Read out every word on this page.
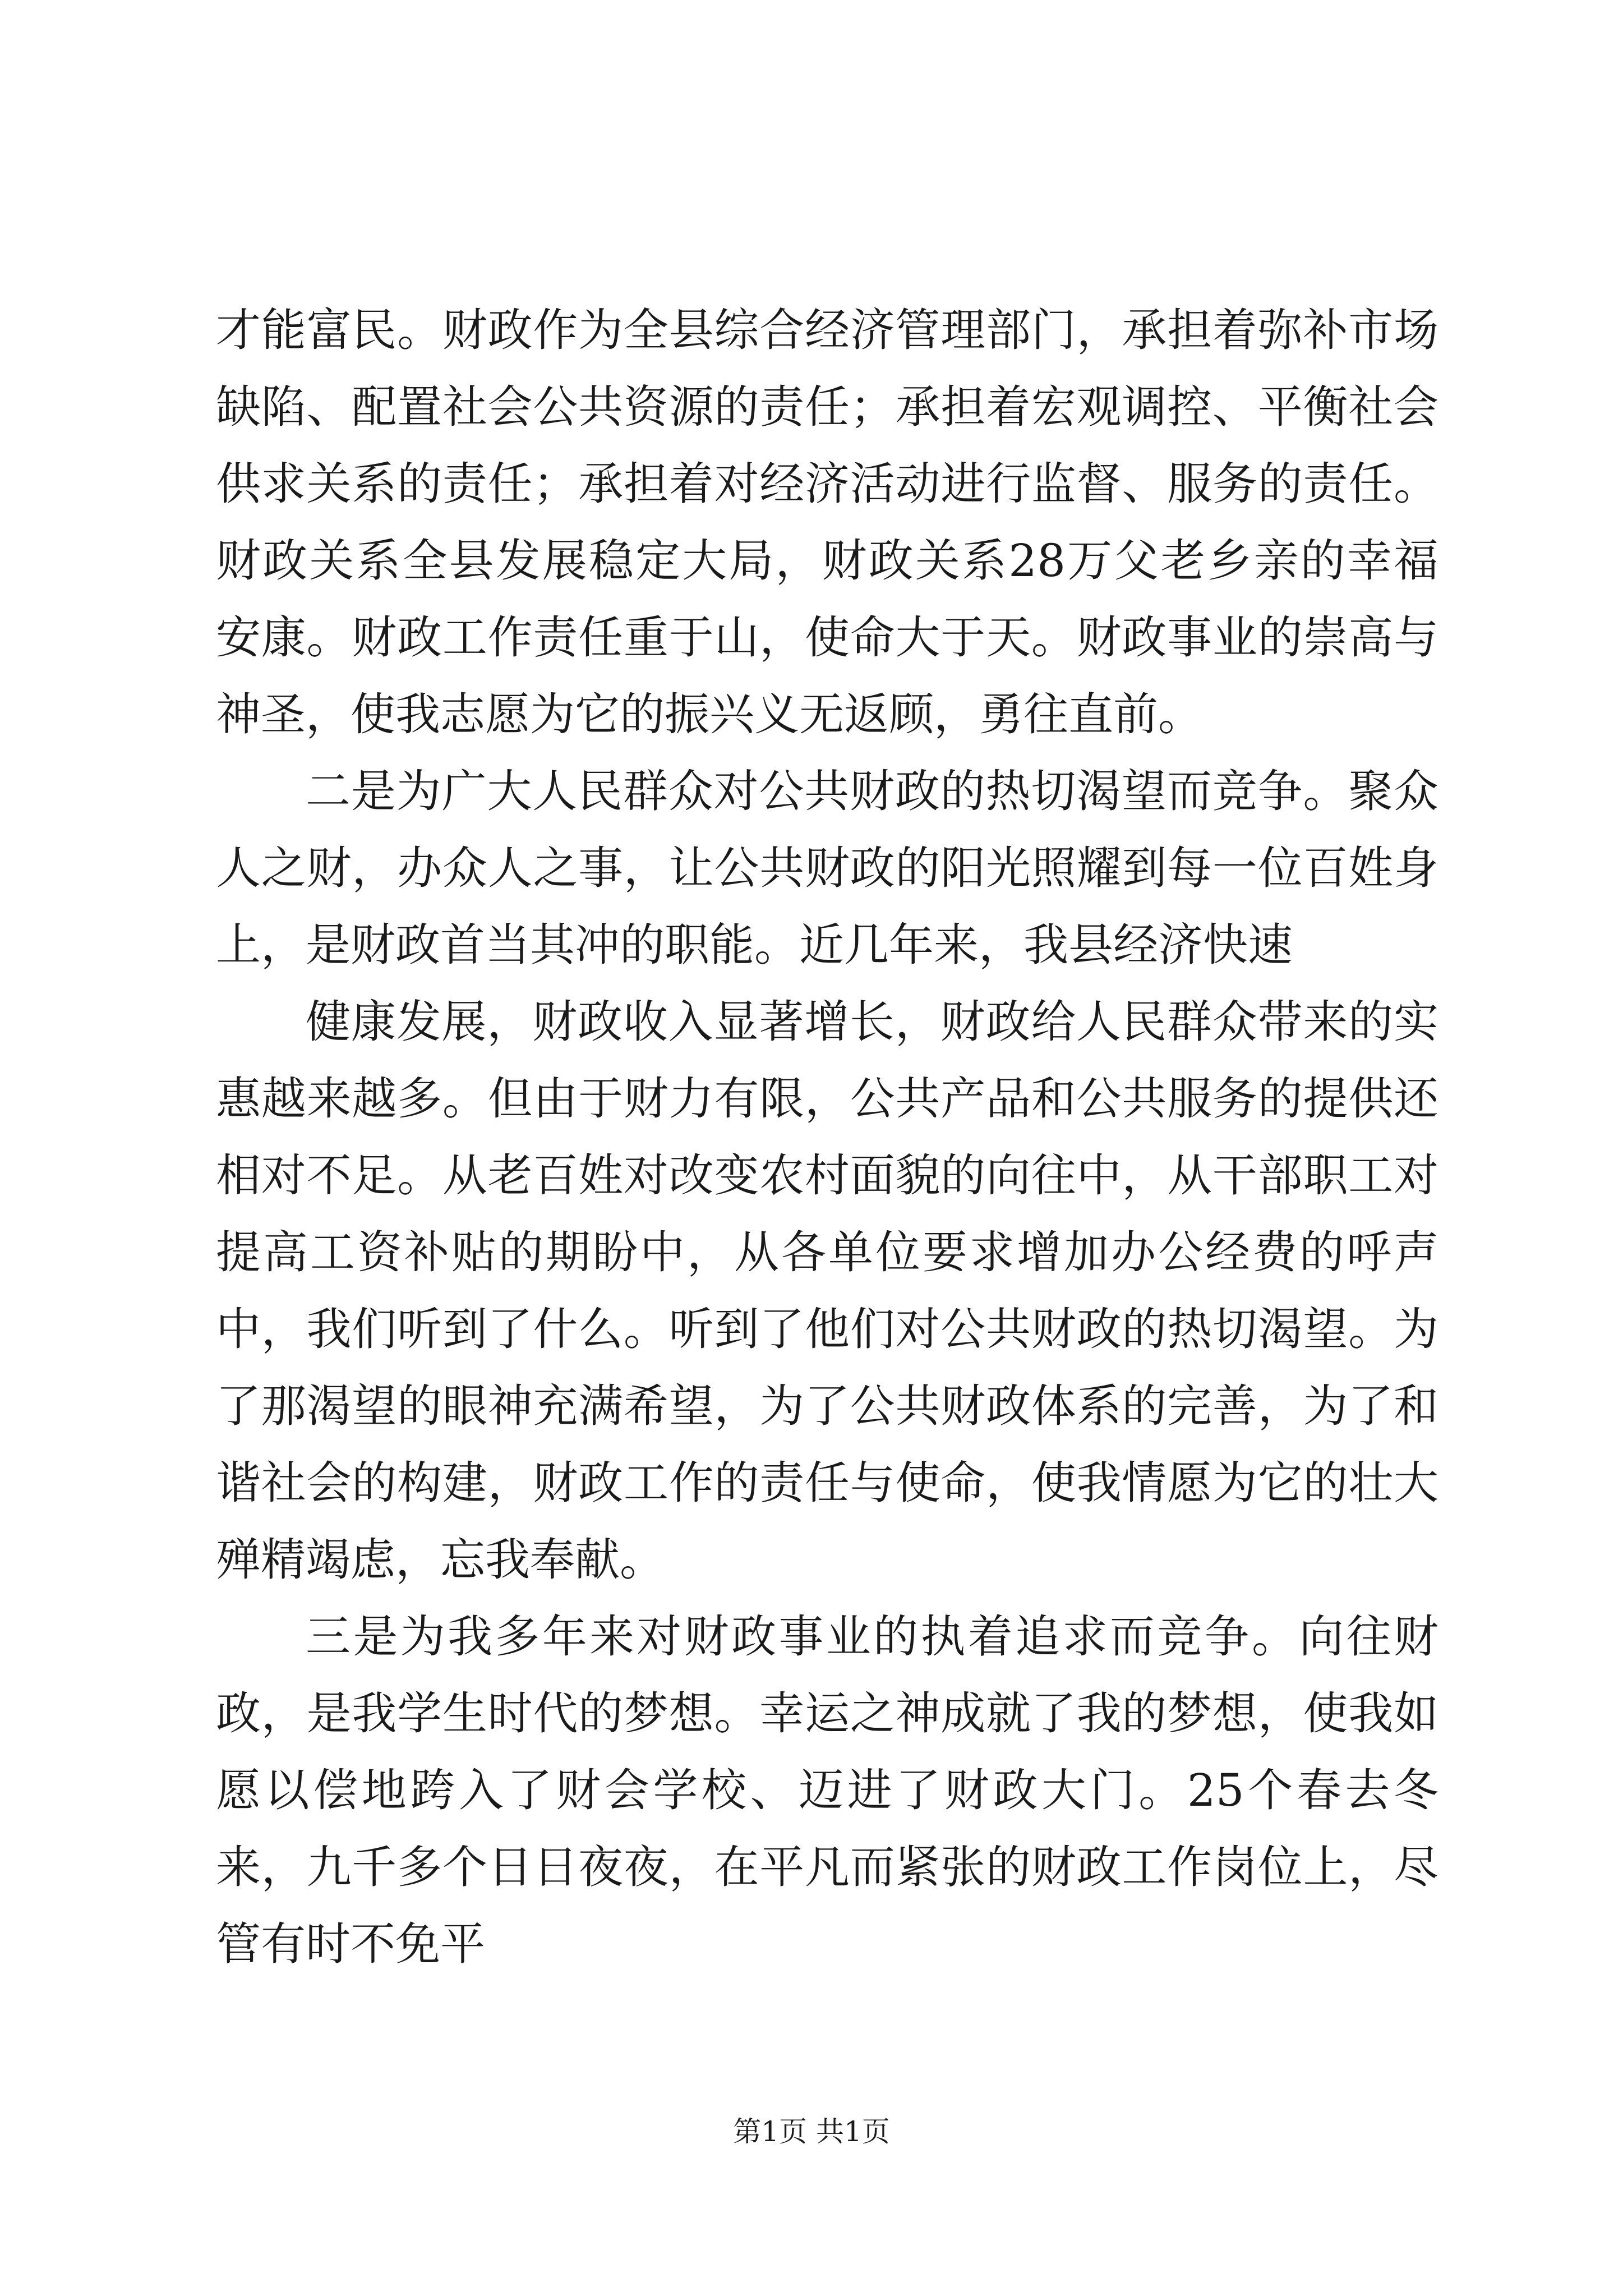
才能富民。财政作为全县综合经济管理部门，承担着弥补市场缺陷、配置社会公共资源的责任；承担着宏观调控、平衡社会供求关系的责任；承担着对经济活动进行监督、服务的责任。财政关系全县发展稳定大局，财政关系28万父老乡亲的幸福安康。财政工作责任重于山，使命大于天。财政事业的崇高与神圣，使我志愿为它的振兴义无返顾，勇往直前。

二是为广大人民群众对公共财政的热切渴望而竞争。聚众人之财，办众人之事，让公共财政的阳光照耀到每一位百姓身上，是财政首当其冲的职能。近几年来，我县经济快速

健康发展，财政收入显著增长，财政给人民群众带来的实惠越来越多。但由于财力有限，公共产品和公共服务的提供还相对不足。从老百姓对改变农村面貌的向往中，从干部职工对提高工资补贴的期盼中，从各单位要求增加办公经费的呼声中，我们听到了什么。听到了他们对公共财政的热切渴望。为了那渴望的眼神充满希望，为了公共财政体系的完善，为了和谐社会的构建，财政工作的责任与使命，使我情愿为它的壮大殚精竭虑，忘我奉献。

三是为我多年来对财政事业的执着追求而竞争。向往财政，是我学生时代的梦想。幸运之神成就了我的梦想，使我如愿以偿地跨入了财会学校、迈进了财政大门。25个春去冬来，九千多个日日夜夜，在平凡而紧张的财政工作岗位上，尽管有时不免平

第1页 共1页
